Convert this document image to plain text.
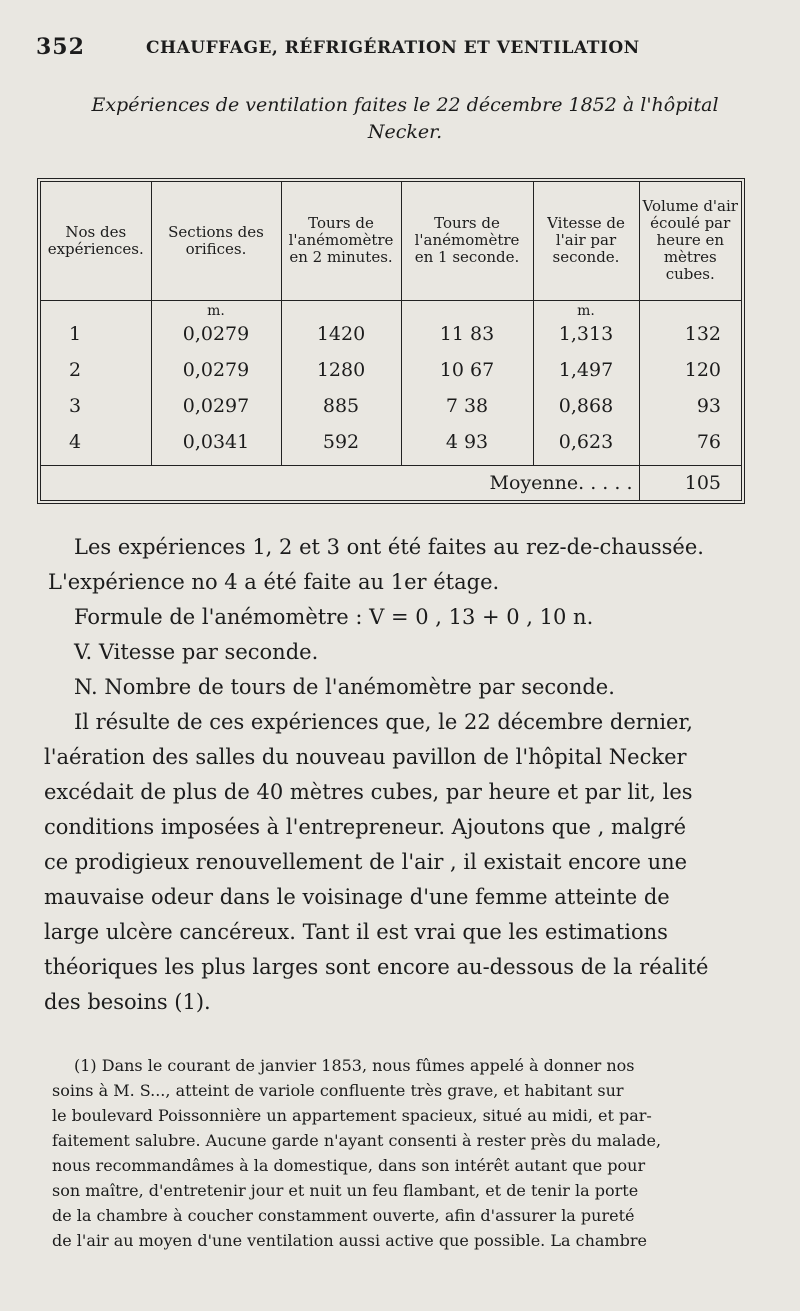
352	CHAUFFAGE, RÉFRIGÉRATION ET VENTILATION
Expériences de ventilation faites le 22 décembre 1852 à l'hôpital
Necker.
Nos des expériences.	Sections des orifices.	Tours de l'anémomètre en 2 minutes.	Tours de l'anémomètre en 1 seconde.	Vitesse de l'air par seconde.	Volume d'air écoulé par heure en mètres cubes.
	m.			m.	
1	0,0279	1420	11 83	1,313	132
2	0,0279	1280	10 67	1,497	120
3	0,0297	885	7 38	0,868	93
4	0,0341	592	4 93	0,623	76
			Moyenne. . . . .		105

Les expériences 1, 2 et 3 ont été faites au rez-de-chaussée.

L'expérience no 4 a été faite au 1er étage.

Formule de l'anémomètre : V = 0 , 13 + 0 , 10 n.

V. Vitesse par seconde.

N. Nombre de tours de l'anémomètre par seconde.

Il résulte de ces expériences que, le 22 décembre dernier,
l'aération des salles du nouveau pavillon de l'hôpital Necker
excédait de plus de 40 mètres cubes, par heure et par lit, les
conditions imposées à l'entrepreneur. Ajoutons que , malgré
ce prodigieux renouvellement de l'air , il existait encore une
mauvaise odeur dans le voisinage d'une femme atteinte de
large ulcère cancéreux. Tant il est vrai que les estimations
théoriques les plus larges sont encore au-dessous de la réalité
des besoins (1).
(1) Dans le courant de janvier 1853, nous fûmes appelé à donner nos
soins à M. S..., atteint de variole confluente très grave, et habitant sur
le boulevard Poissonnière un appartement spacieux, situé au midi, et par-
faitement salubre. Aucune garde n'ayant consenti à rester près du malade,
nous recommandâmes à la domestique, dans son intérêt autant que pour
son maître, d'entretenir jour et nuit un feu flambant, et de tenir la porte
de la chambre à coucher constamment ouverte, afin d'assurer la pureté
de l'air au moyen d'une ventilation aussi active que possible. La chambre
